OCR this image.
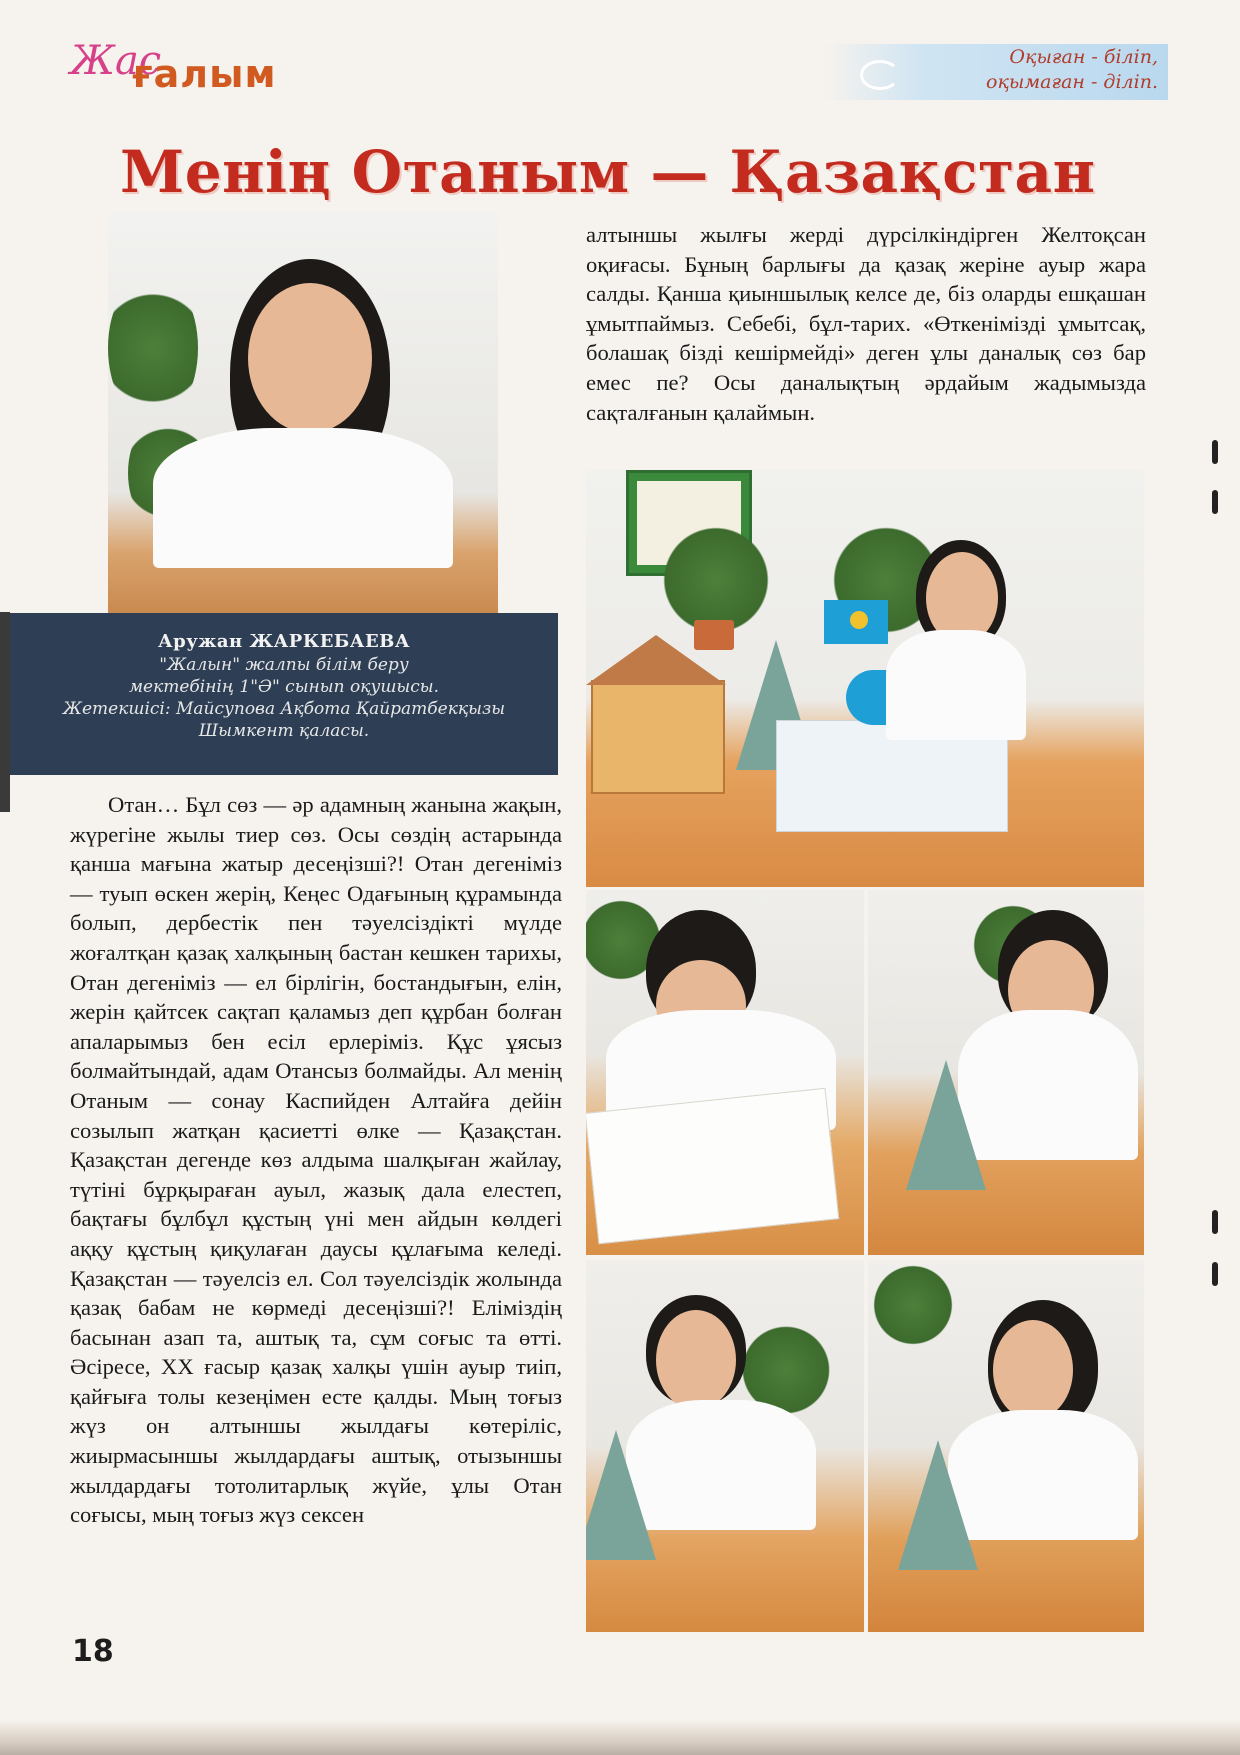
Жас
ғалым	Оқыған - біліп,
оқымаған - діліп.
Менің Отаным — Қазақстан
Аружан ЖАРКЕБАЕВА
"Жалын" жалпы білім беру
мектебінің 1"Ә" сынып оқушысы.
Жетекшісі: Майсупова Ақбота Қайратбекқызы
Шымкент қаласы.

Отан… Бұл сөз — әр адамның жанына жақын, жүрегіне жылы тиер сөз. Осы сөздің астарында қанша мағына жатыр десеңізші?! Отан дегеніміз — туып өскен жерің, Кеңес Одағының құрамында болып, дербестік пен тәуелсіздікті мүлде жоғалтқан қазақ халқының бастан кешкен тарихы, Отан дегеніміз — ел бірлігін, бостандығын, елін, жерін қайтсек сақтап қаламыз деп құрбан болған апаларымыз бен есіл ерлеріміз. Құс ұясыз болмайтындай, адам Отансыз болмайды. Ал менің Отаным — сонау Каспийден Алтайға дейін созылып жатқан қасиетті өлке — Қазақстан. Қазақстан дегенде көз алдыма шалқыған жайлау, түтіні бұрқыраған ауыл, жазық дала елестеп, бақтағы бұлбұл құстың үні мен айдын көлдегі аққу құстың қиқулаған даусы құлағыма келеді. Қазақстан — тәуелсіз ел. Сол тәуелсіздік жолында қазақ бабам не көрмеді десеңізші?! Еліміздің басынан азап та, аштық та, сұм соғыс та өтті. Әсіресе, ХХ ғасыр қазақ халқы үшін ауыр тиіп, қайғыға толы кезеңімен есте қалды. Мың тоғыз жүз он алтыншы жылдағы көтеріліс, жиырмасыншы жылдардағы аштық, отызыншы жылдардағы тотолитарлық жүйе, ұлы Отан соғысы, мың тоғыз жүз сексен

алтыншы жылғы жерді дүрсілкіндірген Желтоқсан оқиғасы. Бұның барлығы да қазақ жеріне ауыр жара салды. Қанша қиыншылық келсе де, біз оларды ешқашан ұмытпаймыз. Себебі, бұл-тарих. «Өткенімізді ұмытсақ, болашақ бізді кешірмейді» деген ұлы даналық сөз бар емес пе? Осы даналықтың әрдайым жадымызда сақталғанын қалаймын.

18
